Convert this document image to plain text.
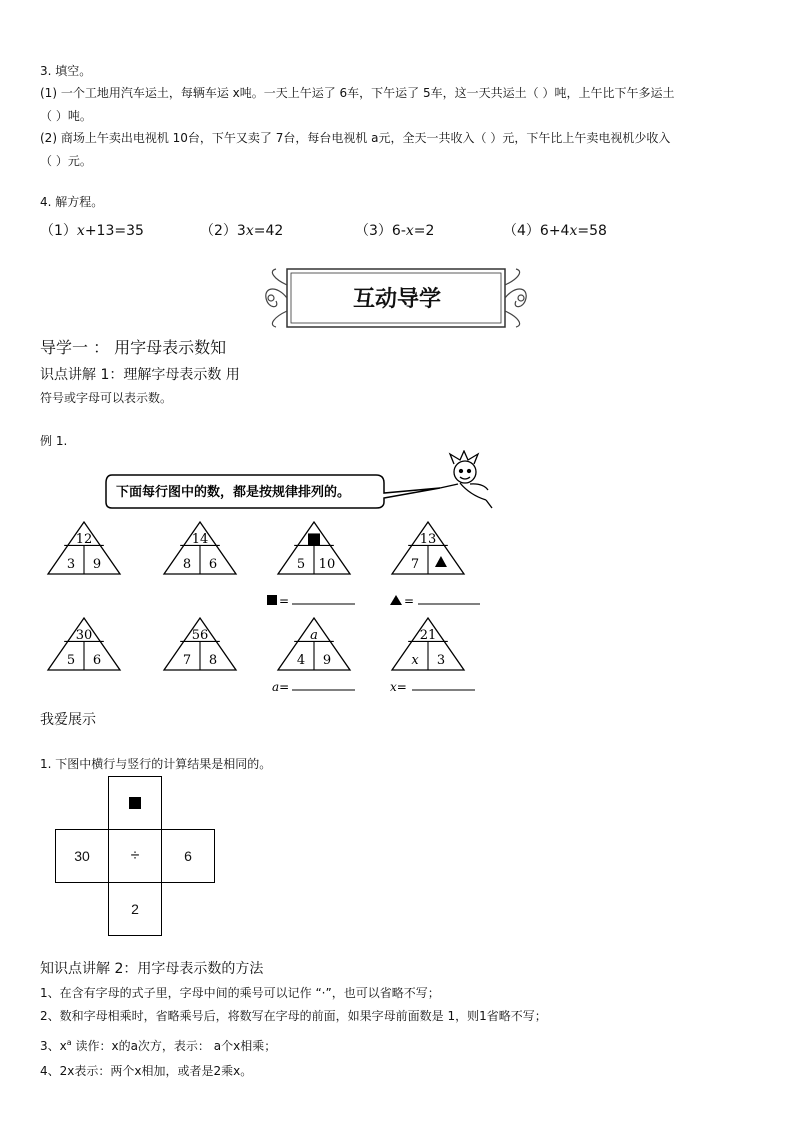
3. 填空。
(1) 一个工地用汽车运土，每辆车运 x吨。一天上午运了 6车，下午运了 5车，这一天共运土（ ）吨，上午比下午多运土
（ ）吨。
(2) 商场上午卖出电视机 10台，下午又卖了 7台，每台电视机 a元，全天一共收入（ ）元，下午比上午卖电视机少收入
（ ）元。
4. 解方程。
（1）x+13=35	（2）3x=42	（3）6-x=2	（4）6+4x=58
互动导学
导学一 ： 用字母表示数知
识点讲解 1：理解字母表示数 用
符号或字母可以表示数。
例 1.
下面每行图中的数，都是按规律排列的。
12
3 9
14
8 6	5 10
13
7
30
5 6
56
7 8
a
4 9
21
x 3
=	=
a=	x=
我爱展示
1. 下图中横行与竖行的计算结果是相同的。
30	÷	6
2
知识点讲解 2：用字母表示数的方法
1、在含有字母的式子里，字母中间的乘号可以记作 “·”，也可以省略不写；
2、数和字母相乘时，省略乘号后，将数写在字母的前面，如果字母前面数是 1，则1省略不写；
3、$x^a$ 读作：x的a次方，表示： a个x相乘；
4、2x表示：两个x相加，或者是2乘x。
